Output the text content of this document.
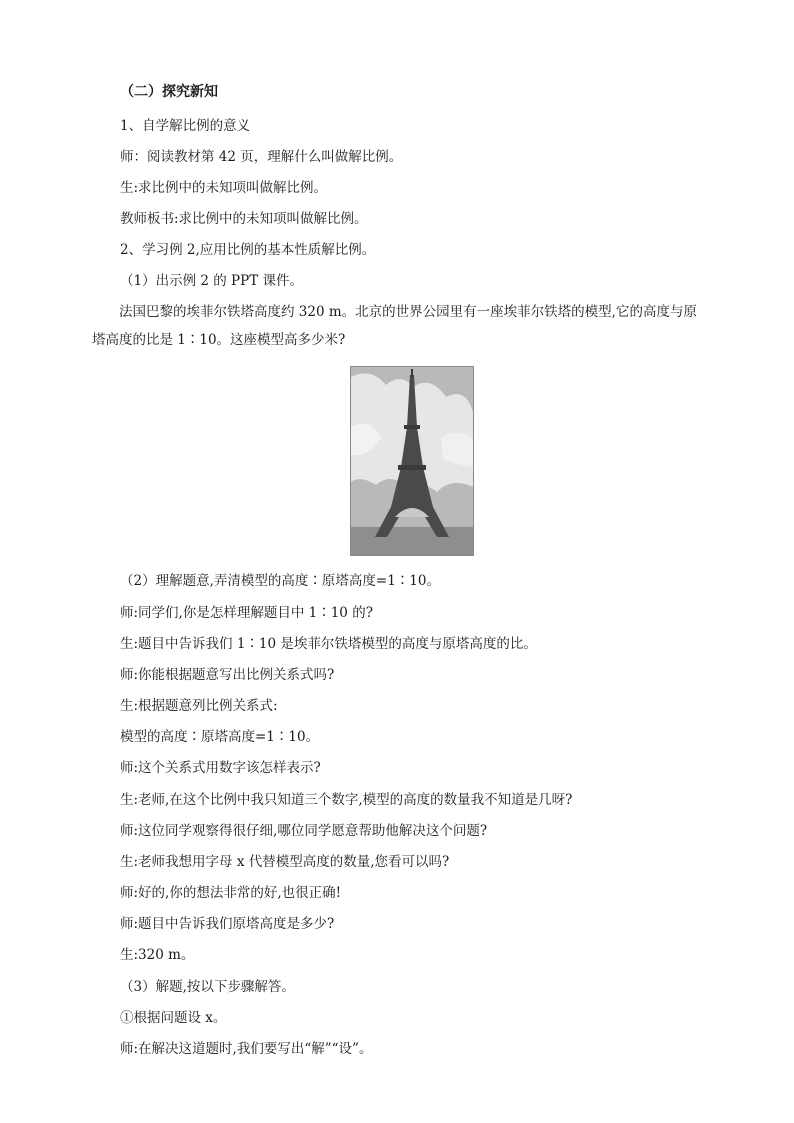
（二）探究新知
1、自学解比例的意义
师：阅读教材第 42 页，理解什么叫做解比例。
生:求比例中的未知项叫做解比例。
教师板书:求比例中的未知项叫做解比例。
2、学习例 2,应用比例的基本性质解比例。
（1）出示例 2 的 PPT 课件。
法国巴黎的埃菲尔铁塔高度约 320 m。北京的世界公园里有一座埃菲尔铁塔的模型,它的高度与原塔高度的比是 1∶10。这座模型高多少米?
（2）理解题意,弄清模型的高度∶原塔高度=1∶10。
师:同学们,你是怎样理解题目中 1∶10 的?
生:题目中告诉我们 1∶10 是埃菲尔铁塔模型的高度与原塔高度的比。
师:你能根据题意写出比例关系式吗?
生:根据题意列比例关系式:
模型的高度∶原塔高度=1∶10。
师:这个关系式用数字该怎样表示?
生:老师,在这个比例中我只知道三个数字,模型的高度的数量我不知道是几呀?
师:这位同学观察得很仔细,哪位同学愿意帮助他解决这个问题?
生:老师我想用字母 x 代替模型高度的数量,您看可以吗?
师:好的,你的想法非常的好,也很正确!
师:题目中告诉我们原塔高度是多少?
生:320 m。
（3）解题,按以下步骤解答。
①根据问题设 x。
师:在解决这道题时,我们要写出“解”“设”。
